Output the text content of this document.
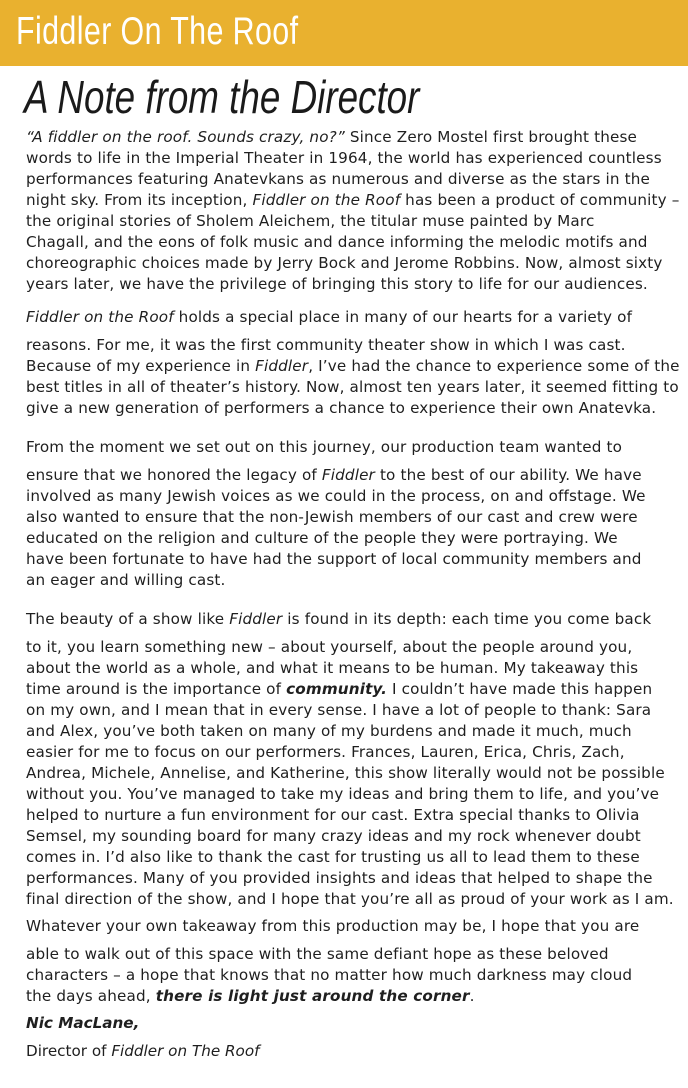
Fiddler On The Roof
A Note from the Director
“A fiddler on the roof. Sounds crazy, no?” Since Zero Mostel first brought these
words to life in the Imperial Theater in 1964, the world has experienced countless
performances featuring Anatevkans as numerous and diverse as the stars in the
night sky. From its inception, Fiddler on the Roof has been a product of community –
the original stories of Sholem Aleichem, the titular muse painted by Marc
Chagall, and the eons of folk music and dance informing the melodic motifs and
choreographic choices made by Jerry Bock and Jerome Robbins. Now, almost sixty
years later, we have the privilege of bringing this story to life for our audiences.
Fiddler on the Roof holds a special place in many of our hearts for a variety of
reasons. For me, it was the first community theater show in which I was cast.
Because of my experience in Fiddler, I’ve had the chance to experience some of the
best titles in all of theater’s history. Now, almost ten years later, it seemed fitting to
give a new generation of performers a chance to experience their own Anatevka.
From the moment we set out on this journey, our production team wanted to
ensure that we honored the legacy of Fiddler to the best of our ability. We have
involved as many Jewish voices as we could in the process, on and offstage. We
also wanted to ensure that the non-Jewish members of our cast and crew were
educated on the religion and culture of the people they were portraying. We
have been fortunate to have had the support of local community members and
an eager and willing cast.
The beauty of a show like Fiddler is found in its depth: each time you come back
to it, you learn something new – about yourself, about the people around you,
about the world as a whole, and what it means to be human. My takeaway this
time around is the importance of community. I couldn’t have made this happen
on my own, and I mean that in every sense. I have a lot of people to thank: Sara
and Alex, you’ve both taken on many of my burdens and made it much, much
easier for me to focus on our performers. Frances, Lauren, Erica, Chris, Zach,
Andrea, Michele, Annelise, and Katherine, this show literally would not be possible
without you. You’ve managed to take my ideas and bring them to life, and you’ve
helped to nurture a fun environment for our cast. Extra special thanks to Olivia
Semsel, my sounding board for many crazy ideas and my rock whenever doubt
comes in. I’d also like to thank the cast for trusting us all to lead them to these
performances. Many of you provided insights and ideas that helped to shape the
final direction of the show, and I hope that you’re all as proud of your work as I am.
Whatever your own takeaway from this production may be, I hope that you are
able to walk out of this space with the same defiant hope as these beloved
characters – a hope that knows that no matter how much darkness may cloud
the days ahead, there is light just around the corner.
Nic MacLane,
Director of Fiddler on The Roof
